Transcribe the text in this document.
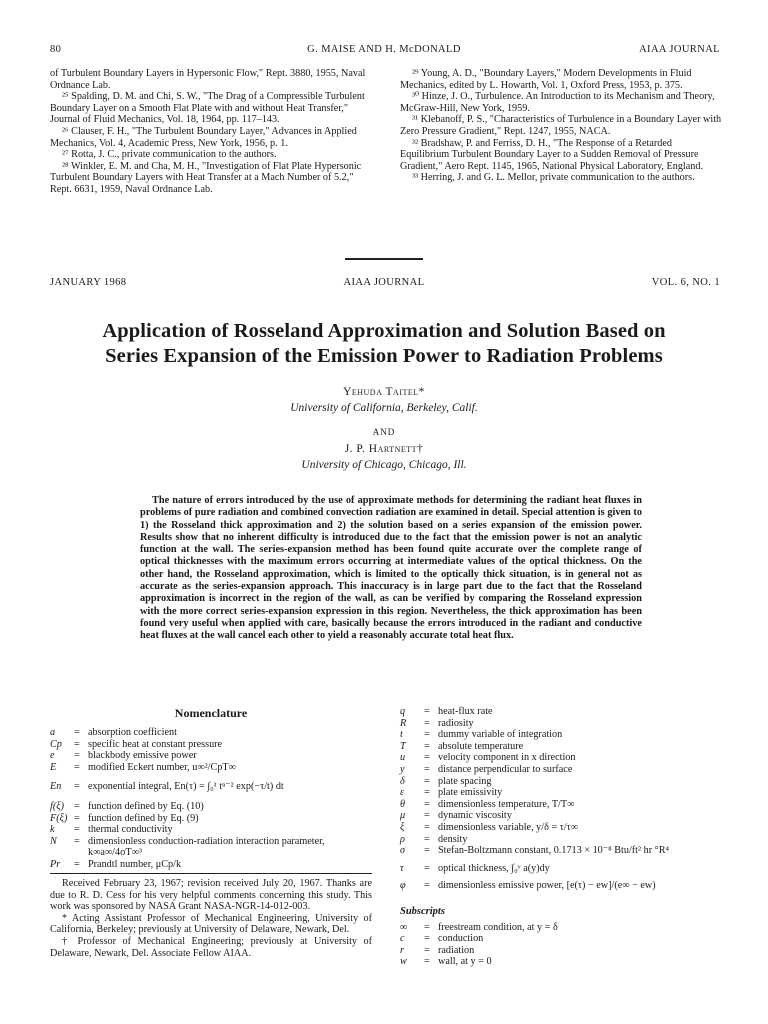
80	G. MAISE AND H. McDONALD	AIAA JOURNAL

of Turbulent Boundary Layers in Hypersonic Flow," Rept. 3880, 1955, Naval Ordnance Lab.

²⁵ Spalding, D. M. and Chi, S. W., "The Drag of a Compressible Turbulent Boundary Layer on a Smooth Flat Plate with and without Heat Transfer," Journal of Fluid Mechanics, Vol. 18, 1964, pp. 117–143.

²⁶ Clauser, F. H., "The Turbulent Boundary Layer," Advances in Applied Mechanics, Vol. 4, Academic Press, New York, 1956, p. 1.

²⁷ Rotta, J. C., private communication to the authors.

²⁸ Winkler, E. M. and Cha, M. H., "Investigation of Flat Plate Hypersonic Turbulent Boundary Layers with Heat Transfer at a Mach Number of 5.2," Rept. 6631, 1959, Naval Ordnance Lab.

²⁹ Young, A. D., "Boundary Layers," Modern Developments in Fluid Mechanics, edited by L. Howarth, Vol. 1, Oxford Press, 1953, p. 375.

³⁰ Hinze, J. O., Turbulence. An Introduction to its Mechanism and Theory, McGraw-Hill, New York, 1959.

³¹ Klebanoff, P. S., "Characteristics of Turbulence in a Boundary Layer with Zero Pressure Gradient," Rept. 1247, 1955, NACA.

³² Bradshaw, P. and Ferriss, D. H., "The Response of a Retarded Equilibrium Turbulent Boundary Layer to a Sudden Removal of Pressure Gradient," Aero Rept. 1145, 1965, National Physical Laboratory, England.

³³ Herring, J. and G. L. Mellor, private communication to the authors.

JANUARY 1968	AIAA JOURNAL	VOL. 6, NO. 1
Application of Rosseland Approximation and Solution Based on
Series Expansion of the Emission Power to Radiation Problems
Yehuda Taitel*
University of California, Berkeley, Calif.
AND
J. P. Hartnett†
University of Chicago, Chicago, Ill.
The nature of errors introduced by the use of approximate methods for determining the radiant heat fluxes in problems of pure radiation and combined convection radiation are examined in detail. Special attention is given to 1) the Rosseland thick approximation and 2) the solution based on a series expansion of the emission power. Results show that no inherent difficulty is introduced due to the fact that the emission power is not an analytic function at the wall. The series-expansion method has been found quite accurate over the complete range of optical thicknesses with the maximum errors occurring at intermediate values of the optical thickness. On the other hand, the Rosseland approximation, which is limited to the optically thick situation, is in general not as accurate as the series-expansion approach. This inaccuracy is in large part due to the fact that the Rosseland approximation is incorrect in the region of the wall, as can be verified by comparing the Rosseland expression with the more correct series-expansion expression in this region. Nevertheless, the thick approximation has been found very useful when applied with care, basically because the errors introduced in the radiant and conductive heat fluxes at the wall cancel each other to yield a reasonably accurate total heat flux.
Nomenclature
a	= absorption coefficient
Cp	= specific heat at constant pressure
e	= blackbody emissive power
E	= modified Eckert number, u∞²/CpT∞
En	= exponential integral, En(τ) = ∫₀¹ tⁿ⁻² exp(−τ/t) dt
f(ξ) = function defined by Eq. (10)
F(ξ) = function defined by Eq. (9)
k	= thermal conductivity
N	= dimensionless conduction-radiation interaction parameter, k∞a∞/4σT∞³
Pr	= Prandtl number, μCp/k

Received February 23, 1967; revision received July 20, 1967. Thanks are due to R. D. Cess for his very helpful comments concerning this study. This work was sponsored by NASA Grant NASA-NGR-14-012-003.

* Acting Assistant Professor of Mechanical Engineering, University of California, Berkeley; previously at University of Delaware, Newark, Del.

† Professor of Mechanical Engineering; previously at University of Delaware, Newark, Del. Associate Fellow AIAA.

q	= heat-flux rate
R	= radiosity
t	= dummy variable of integration
T	= absolute temperature
u	= velocity component in x direction
y	= distance perpendicular to surface
δ	= plate spacing
ε	= plate emissivity
θ	= dimensionless temperature, T/T∞
μ	= dynamic viscosity
ξ	= dimensionless variable, y/δ = τ/τ∞
ρ	= density
σ	= Stefan-Boltzmann constant, 0.1713 × 10⁻⁸ Btu/ft² hr °R⁴
τ	= optical thickness, ∫₀ʸ a(y)dy
φ	= dimensionless emissive power, [e(τ) − ew]/(e∞ − ew)
Subscripts
∞	= freestream condition, at y = δ
c	= conduction
r	= radiation
w	= wall, at y = 0
